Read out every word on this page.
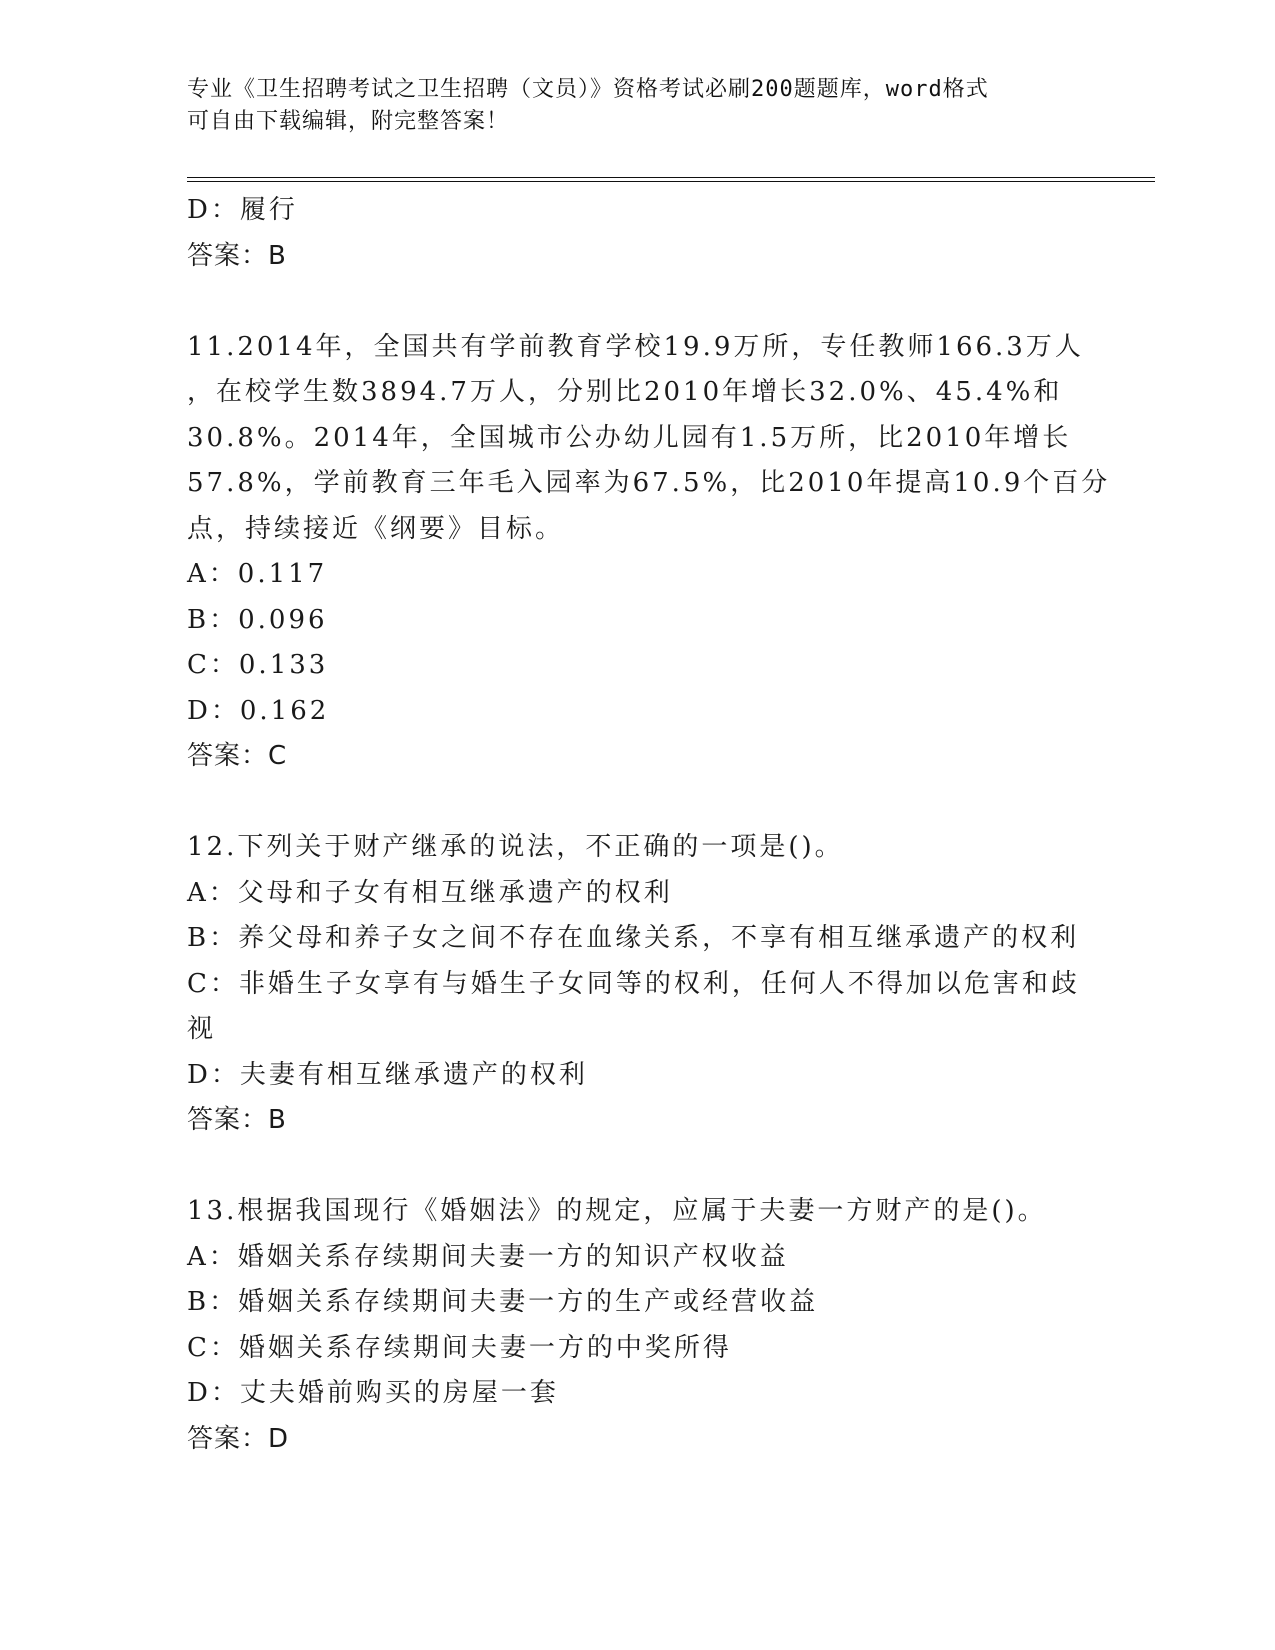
专业《卫生招聘考试之卫生招聘（文员）》资格考试必刷200题题库，word格式
可自由下载编辑，附完整答案！
D：履行
答案：B
11.2014年，全国共有学前教育学校19.9万所，专任教师166.3万人
，在校学生数3894.7万人，分别比2010年增长32.0%、45.4%和
30.8%。2014年，全国城市公办幼儿园有1.5万所，比2010年增长
57.8%，学前教育三年毛入园率为67.5%，比2010年提高10.9个百分
点，持续接近《纲要》目标。
A：0.117
B：0.096
C：0.133
D：0.162
答案：C
12.下列关于财产继承的说法，不正确的一项是()。
A：父母和子女有相互继承遗产的权利
B：养父母和养子女之间不存在血缘关系，不享有相互继承遗产的权利
C：非婚生子女享有与婚生子女同等的权利，任何人不得加以危害和歧
视
D：夫妻有相互继承遗产的权利
答案：B
13.根据我国现行《婚姻法》的规定，应属于夫妻一方财产的是()。
A：婚姻关系存续期间夫妻一方的知识产权收益
B：婚姻关系存续期间夫妻一方的生产或经营收益
C：婚姻关系存续期间夫妻一方的中奖所得
D：丈夫婚前购买的房屋一套
答案：D
